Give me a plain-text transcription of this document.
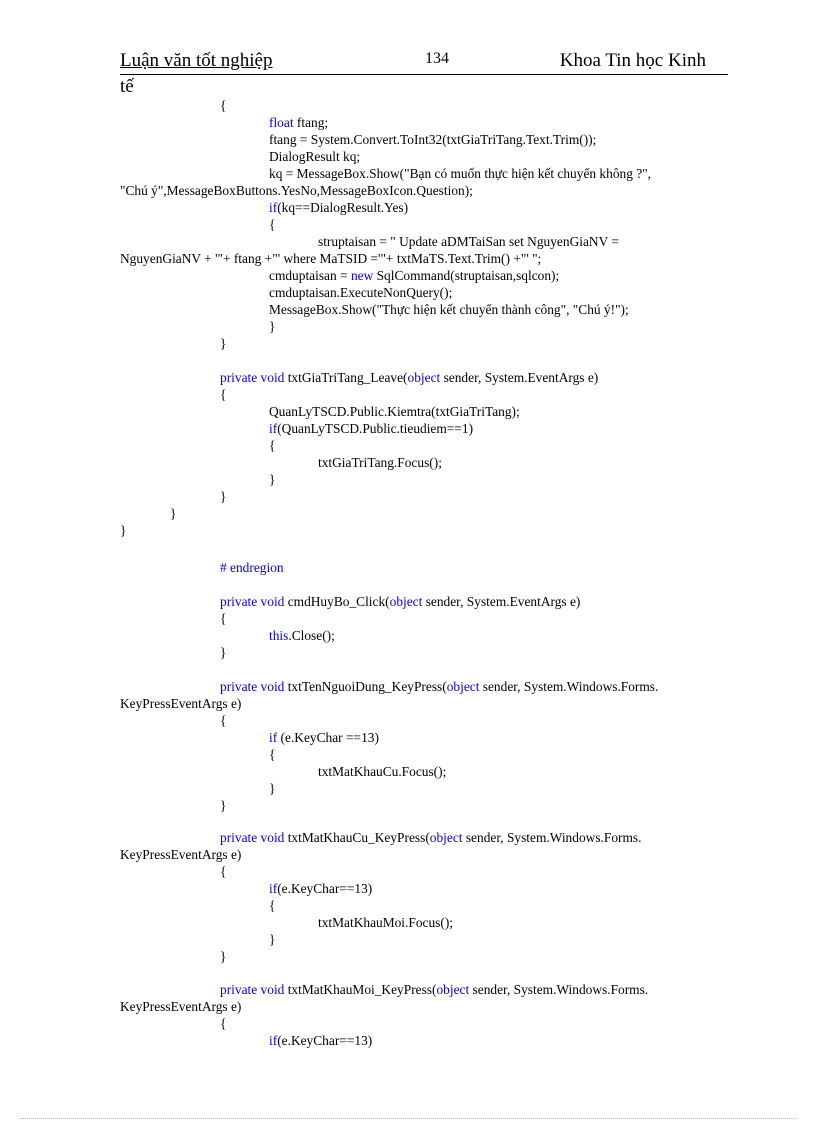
Luận văn tốt nghiệp	134	Khoa Tin học Kinh
tế
{
float ftang;
ftang = System.Convert.ToInt32(txtGiaTriTang.Text.Trim());
DialogResult kq;
kq = MessageBox.Show("Bạn có muốn thực hiện kết chuyển không ?",
"Chú ý",MessageBoxButtons.YesNo,MessageBoxIcon.Question);
if(kq==DialogResult.Yes)
{
struptaisan = " Update aDMTaiSan set NguyenGiaNV =
NguyenGiaNV + '"+ ftang +"' where MaTSID ='"+ txtMaTS.Text.Trim() +"' ";
cmduptaisan = new SqlCommand(struptaisan,sqlcon);
cmduptaisan.ExecuteNonQuery();
MessageBox.Show("Thực hiện kết chuyển thành công", "Chú ý!");
}
}
private void txtGiaTriTang_Leave(object sender, System.EventArgs e)
{
QuanLyTSCD.Public.Kiemtra(txtGiaTriTang);
if(QuanLyTSCD.Public.tieudiem==1)
{
txtGiaTriTang.Focus();
}
}
}
}
# endregion
private void cmdHuyBo_Click(object sender, System.EventArgs e)
{
this.Close();
}
private void txtTenNguoiDung_KeyPress(object sender, System.Windows.Forms.
KeyPressEventArgs e)
{
if (e.KeyChar ==13)
{
txtMatKhauCu.Focus();
}
}
private void txtMatKhauCu_KeyPress(object sender, System.Windows.Forms.
KeyPressEventArgs e)
{
if(e.KeyChar==13)
{
txtMatKhauMoi.Focus();
}
}
private void txtMatKhauMoi_KeyPress(object sender, System.Windows.Forms.
KeyPressEventArgs e)
{
if(e.KeyChar==13)
